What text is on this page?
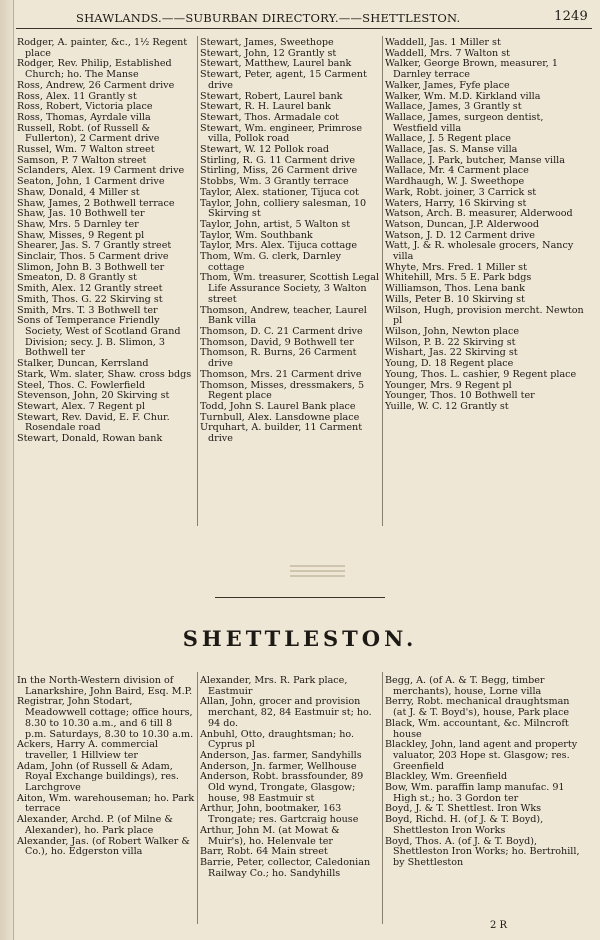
SHAWLANDS.——SUBURBAN DIRECTORY.——SHETTLESTON.	1249
Rodger, A. painter, &c., 1½ Regent place
Rodger, Rev. Philip, Established Church; ho. The Manse
Ross, Andrew, 26 Carment drive
Ross, Alex. 11 Grantly st
Ross, Robert, Victoria place
Ross, Thomas, Ayrdale villa
Russell, Robt. (of Russell & Fullerton), 2 Carment drive
Russel, Wm. 7 Walton street
Samson, P. 7 Walton street
Sclanders, Alex. 19 Carment drive
Seaton, John, 1 Carment drive
Shaw, Donald, 4 Miller st
Shaw, James, 2 Bothwell terrace
Shaw, Jas. 10 Bothwell ter
Shaw, Mrs. 5 Darnley ter
Shaw, Misses, 9 Regent pl
Shearer, Jas. S. 7 Grantly street
Sinclair, Thos. 5 Carment drive
Slimon, John B. 3 Bothwell ter
Smeaton, D. 8 Grantly st
Smith, Alex. 12 Grantly street
Smith, Thos. G. 22 Skirving st
Smith, Mrs. T. 3 Bothwell ter
Sons of Temperance Friendly Society, West of Scotland Grand Division; secy. J. B. Slimon, 3 Bothwell ter
Stalker, Duncan, Kerrsland
Stark, Wm. slater, Shaw. cross bdgs
Steel, Thos. C. Fowlerfield
Stevenson, John, 20 Skirving st
Stewart, Alex. 7 Regent pl
Stewart, Rev. David, E. F. Chur. Rosendale road
Stewart, Donald, Rowan bank
Stewart, James, Sweethope
Stewart, John, 12 Grantly st
Stewart, Matthew, Laurel bank
Stewart, Peter, agent, 15 Carment drive
Stewart, Robert, Laurel bank
Stewart, R. H. Laurel bank
Stewart, Thos. Armadale cot
Stewart, Wm. engineer, Primrose villa, Pollok road
Stewart, W. 12 Pollok road
Stirling, R. G. 11 Carment drive
Stirling, Miss, 26 Carment drive
Stobbs, Wm. 3 Grantly terrace
Taylor, Alex. stationer, Tijuca cot
Taylor, John, colliery salesman, 10 Skirving st
Taylor, John, artist, 5 Walton st
Taylor, Wm. Southbank
Taylor, Mrs. Alex. Tijuca cottage
Thom, Wm. G. clerk, Darnley cottage
Thom, Wm. treasurer, Scottish Legal Life Assurance Society, 3 Walton street
Thomson, Andrew, teacher, Laurel Bank villa
Thomson, D. C. 21 Carment drive
Thomson, David, 9 Bothwell ter
Thomson, R. Burns, 26 Carment drive
Thomson, Mrs. 21 Carment drive
Thomson, Misses, dressmakers, 5 Regent place
Todd, John S. Laurel Bank place
Turnbull, Alex. Lansdowne place
Urquhart, A. builder, 11 Carment drive
Waddell, Jas. 1 Miller st
Waddell, Mrs. 7 Walton st
Walker, George Brown, measurer, 1 Darnley terrace
Walker, James, Fyfe place
Walker, Wm. M.D. Kirkland villa
Wallace, James, 3 Grantly st
Wallace, James, surgeon dentist, Westfield villa
Wallace, J. 5 Regent place
Wallace, Jas. S. Manse villa
Wallace, J. Park, butcher, Manse villa
Wallace, Mr. 4 Carment place
Wardhaugh, W. J. Sweethope
Wark, Robt. joiner, 3 Carrick st
Waters, Harry, 16 Skirving st
Watson, Arch. B. measurer, Alderwood
Watson, Duncan, J.P. Alderwood
Watson, J. D. 12 Carment drive
Watt, J. & R. wholesale grocers, Nancy villa
Whyte, Mrs. Fred. 1 Miller st
Whitehill, Mrs. 5 E. Park bdgs
Williamson, Thos. Lena bank
Wills, Peter B. 10 Skirving st
Wilson, Hugh, provision mercht. Newton pl
Wilson, John, Newton place
Wilson, P. B. 22 Skirving st
Wishart, Jas. 22 Skirving st
Young, D. 18 Regent place
Young, Thos. L. cashier, 9 Regent place
Younger, Mrs. 9 Regent pl
Younger, Thos. 10 Bothwell ter
Yuille, W. C. 12 Grantly st
SHETTLESTON.
In the North-Western division of Lanarkshire, John Baird, Esq. M.P.
Registrar, John Stodart, Meadowwell cottage; office hours, 8.30 to 10.30 a.m., and 6 till 8 p.m. Saturdays, 8.30 to 10.30 a.m.
Ackers, Harry A. commercial traveller, 1 Hillview ter
Adam, John (of Russell & Adam, Royal Exchange buildings), res. Larchgrove
Aiton, Wm. warehouseman; ho. Park terrace
Alexander, Archd. P. (of Milne & Alexander), ho. Park place
Alexander, Jas. (of Robert Walker & Co.), ho. Edgerston villa
Alexander, Mrs. R. Park place, Eastmuir
Allan, John, grocer and provision merchant, 82, 84 Eastmuir st; ho. 94 do.
Anbuhl, Otto, draughtsman; ho. Cyprus pl
Anderson, Jas. farmer, Sandyhills
Anderson, Jn. farmer, Wellhouse
Anderson, Robt. brassfounder, 89 Old wynd, Trongate, Glasgow; house, 98 Eastmuir st
Arthur, John, bootmaker, 163 Trongate; res. Gartcraig house
Arthur, John M. (at Mowat & Muir's), ho. Helenvale ter
Barr, Robt. 64 Main street
Barrie, Peter, collector, Caledonian Railway Co.; ho. Sandyhills
Begg, A. (of A. & T. Begg, timber merchants), house, Lorne villa
Berry, Robt. mechanical draughtsman (at J. & T. Boyd's), house, Park place
Black, Wm. accountant, &c. Milncroft house
Blackley, John, land agent and property valuator, 203 Hope st. Glasgow; res. Greenfield
Blackley, Wm. Greenfield
Bow, Wm. paraffin lamp manufac. 91 High st.; ho. 3 Gordon ter
Boyd, J. & T. Shettlest. Iron Wks
Boyd, Richd. H. (of J. & T. Boyd), Shettleston Iron Works
Boyd, Thos. A. (of J. & T. Boyd), Shettleston Iron Works; ho. Bertrohill, by Shettleston
2 R
